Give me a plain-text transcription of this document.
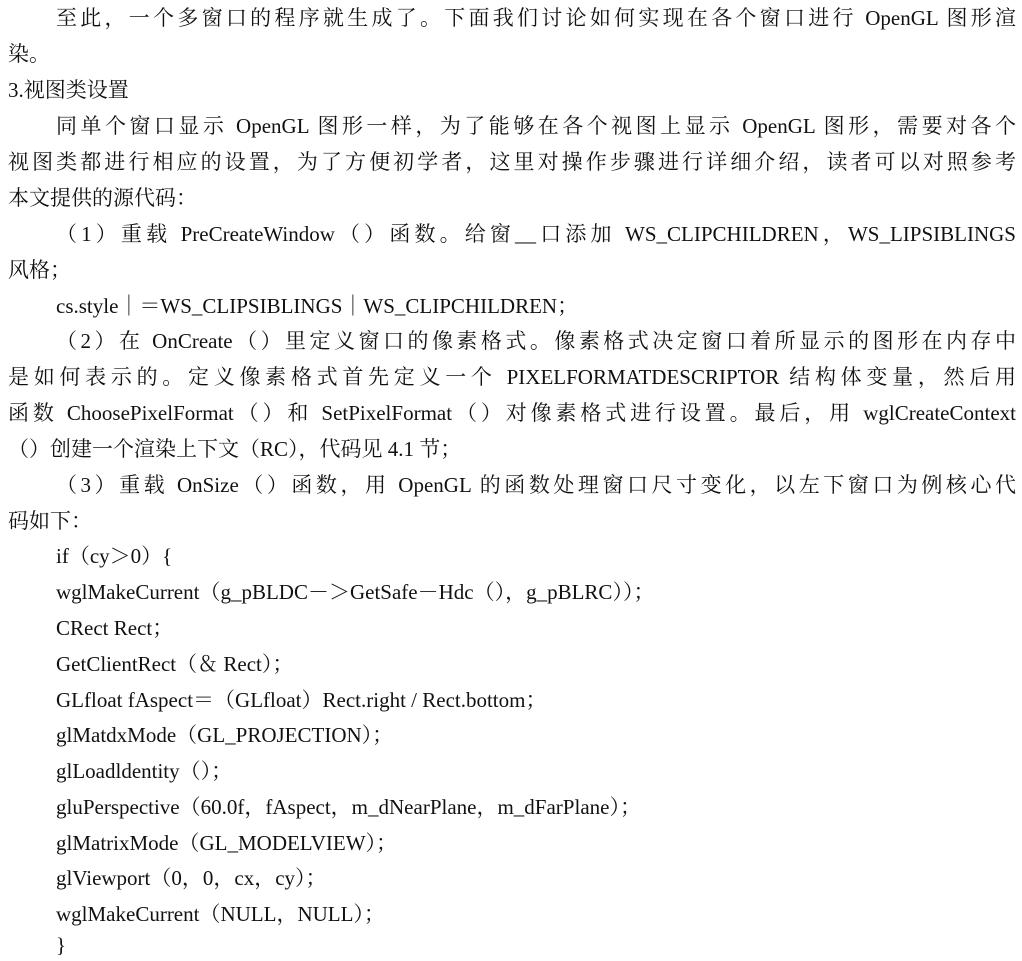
至此，一个多窗口的程序就生成了。下面我们讨论如何实现在各个窗口进行 OpenGL 图形渲
染。
3.视图类设置
同单个窗口显示 OpenGL 图形一样，为了能够在各个视图上显示 OpenGL 图形，需要对各个
视图类都进行相应的设置，为了方便初学者，这里对操作步骤进行详细介绍，读者可以对照参考
本文提供的源代码：
（1）重载 PreCreateWindow（）函数。给窗__口添加 WS_CLIPCHILDREN，WS_LIPSIBLINGS
风格；
cs.style｜＝WS_CLIPSIBLINGS｜WS_CLIPCHILDREN；
（2）在 OnCreate（）里定义窗口的像素格式。像素格式决定窗口着所显示的图形在内存中
是如何表示的。定义像素格式首先定义一个 PIXELFORMATDESCRIPTOR 结构体变量，然后用
函数 ChoosePixelFormat（）和 SetPixelFormat（）对像素格式进行设置。最后，用 wglCreateContext
（）创建一个渲染上下文（RC），代码见 4.1 节；
（3）重载 OnSize（）函数，用 OpenGL 的函数处理窗口尺寸变化，以左下窗口为例核心代
码如下：
if（cy＞0）{
wglMakeCurrent（g_pBLDC－＞GetSafe－Hdc（），g_pBLRC））；
CRect Rect；
GetClientRect（＆ Rect）；
GLfloat fAspect＝（GLfloat）Rect.right / Rect.bottom；
glMatdxMode（GL_PROJECTION）；
glLoadldentity（）；
gluPerspective（60.0f，fAspect，m_dNearPlane，m_dFarPlane）；
glMatrixMode（GL_MODELVIEW）；
glViewport（0，0，cx，cy）；
wglMakeCurrent（NULL，NULL）；
}
